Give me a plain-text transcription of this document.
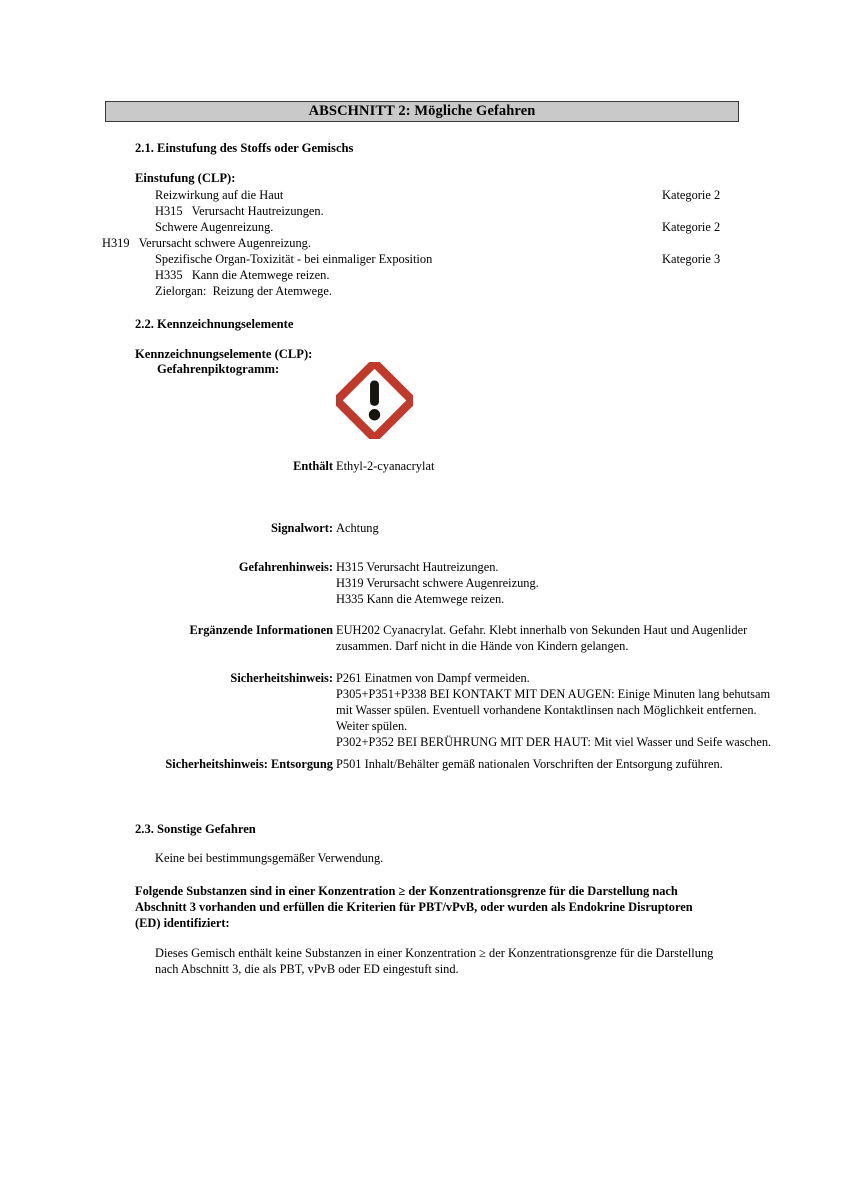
ABSCHNITT 2: Mögliche Gefahren
2.1. Einstufung des Stoffs oder Gemischs
Einstufung (CLP):
Reizwirkung auf die Haut	Kategorie 2
H315   Verursacht Hautreizungen.
Schwere Augenreizung.	Kategorie 2
H319   Verursacht schwere Augenreizung.
Spezifische Organ-Toxizität - bei einmaliger Exposition	Kategorie 3
H335   Kann die Atemwege reizen.
Zielorgan:  Reizung der Atemwege.
2.2. Kennzeichnungselemente
Kennzeichnungselemente (CLP):
Gefahrenpiktogramm:
Enthält Ethyl-2-cyanacrylat
Signalwort: Achtung
Gefahrenhinweis: H315 Verursacht Hautreizungen.
H319 Verursacht schwere Augenreizung.
H335 Kann die Atemwege reizen.
Ergänzende Informationen EUH202 Cyanacrylat. Gefahr. Klebt innerhalb von Sekunden Haut und Augenlider
zusammen. Darf nicht in die Hände von Kindern gelangen.
Sicherheitshinweis: P261 Einatmen von Dampf vermeiden.
P305+P351+P338 BEI KONTAKT MIT DEN AUGEN: Einige Minuten lang behutsam
mit Wasser spülen. Eventuell vorhandene Kontaktlinsen nach Möglichkeit entfernen.
Weiter spülen.
P302+P352 BEI BERÜHRUNG MIT DER HAUT: Mit viel Wasser und Seife waschen.
Sicherheitshinweis: Entsorgung P501 Inhalt/Behälter gemäß nationalen Vorschriften der Entsorgung zuführen.
2.3. Sonstige Gefahren
Keine bei bestimmungsgemäßer Verwendung.
Folgende Substanzen sind in einer Konzentration ≥ der Konzentrationsgrenze für die Darstellung nach
Abschnitt 3 vorhanden und erfüllen die Kriterien für PBT/vPvB, oder wurden als Endokrine Disruptoren
(ED) identifiziert:
Dieses Gemisch enthält keine Substanzen in einer Konzentration ≥ der Konzentrationsgrenze für die Darstellung
nach Abschnitt 3, die als PBT, vPvB oder ED eingestuft sind.
